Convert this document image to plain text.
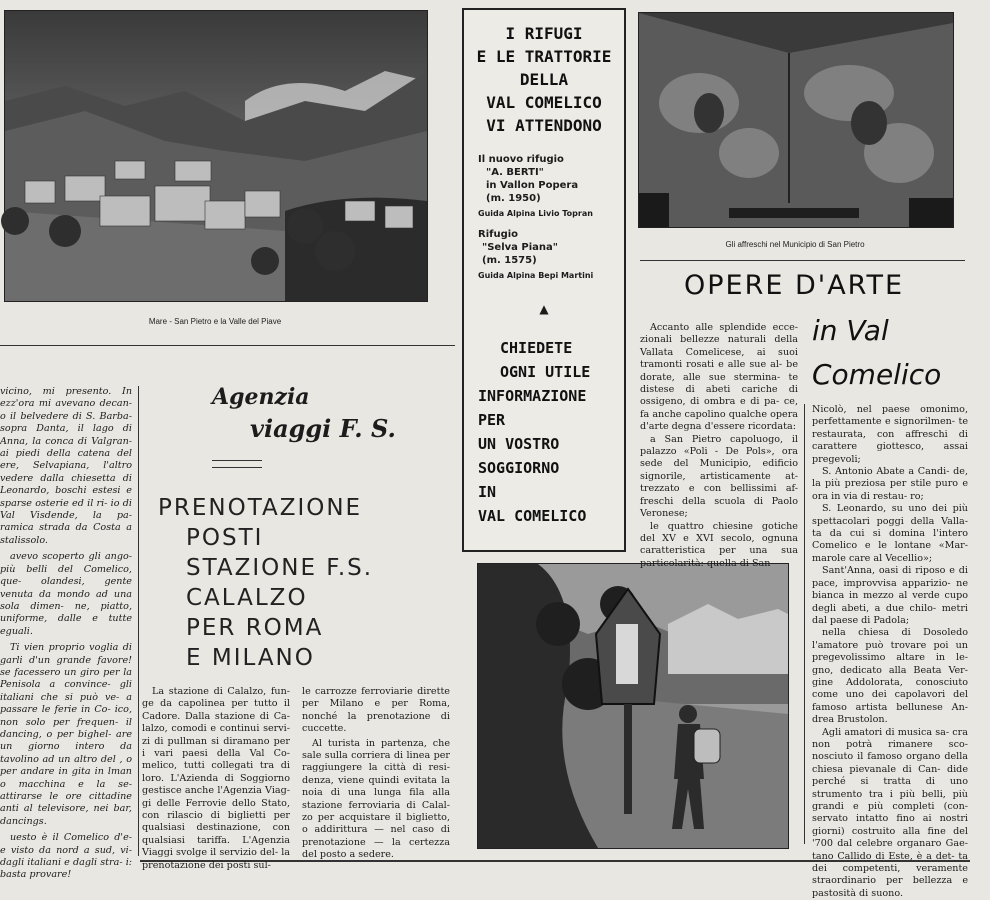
Mare - San Pietro e la Valle del Piave
Gli affreschi nel Municipio di San Pietro
I RIFUGI
E LE TRATTORIE
DELLA
VAL COMELICO
VI ATTENDONO
Il nuovo rifugio
"A. BERTI"
in Vallon Popera
(m. 1950)
Guida Alpina Livio Topran
Rifugio
"Selva Piana"
(m. 1575)
Guida Alpina Bepi Martini
▲
CHIEDETE
OGNI UTILE
INFORMAZIONE
PER
UN VOSTRO
SOGGIORNO
IN
VAL COMELICO

vicino, mi presento. In ezz'ora mi avevano decan- o il belvedere di S. Barba- sopra Danta, il lago di Anna, la conca di Valgran- ai piedi della catena del ere, Selvapiana, l'altro vedere dalla chiesetta di Leonardo, boschi estesi e sparse osterie ed il ri- io di Val Visdende, la pa- ramica strada da Costa a stalissolo.

avevo scoperto gli ango- più belli del Comelico, que- olandesi, gente venuta da mondo ad una sola dimen- ne, piatto, uniforme, dalle e tutte eguali.

Ti vien proprio voglia di garli d'un grande favore! se facessero un giro per la Penisola a convince- gli italiani che si può ve- a passare le ferie in Co- ico, non solo per frequen- il dancing, o per bighel- are un giorno intero da tavolino ad un altro del , o per andare in gita in lman o macchina e la se- attirarse le ore cittadine anti al televisore, nei bar, dancings.

uesto è il Comelico d'e- e visto da nord a sud, vi- dagli italiani e dagli stra- i: basta provare!

Agenzia
viaggi F. S.
PRENOTAZIONE
POSTI
STAZIONE F.S.
CALALZO
PER ROMA
E MILANO

La stazione di Calalzo, fun- ge da capolinea per tutto il Cadore. Dalla stazione di Ca- lalzo, comodi e continui servi- zi di pullman si diramano per i vari paesi della Val Co- melico, tutti collegati tra di loro. L'Azienda di Soggiorno gestisce anche l'Agenzia Viag- gi delle Ferrovie dello Stato, con rilascio di biglietti per qualsiasi destinazione, con qualsiasi tariffa. L'Agenzia Viaggi svolge il servizio del- la prenotazione dei posti sul-

le carrozze ferroviarie dirette per Milano e per Roma, nonché la prenotazione di cuccette.

Al turista in partenza, che sale sulla corriera di linea per raggiungere la città di resi- denza, viene quindi evitata la noia di una lunga fila alla stazione ferroviaria di Calal- zo per acquistare il biglietto, o addirittura — nel caso di prenotazione — la certezza del posto a sedere.

OPERE D'ARTE
in Val
Comelico

Accanto alle splendide ecce- zionali bellezze naturali della Vallata Comelicese, ai suoi tramonti rosati e alle sue al- be dorate, alle sue stermina- te distese di abeti cariche di ossigeno, di ombra e di pa- ce, fa anche capolino qualche opera d'arte degna d'essere ricordata:

a San Pietro capoluogo, il palazzo «Poli - De Pols», ora sede del Municipio, edificio signorile, artisticamente at- trezzato e con bellissimi af- freschi della scuola di Paolo Veronese;

le quattro chiesine gotiche del XV e XVI secolo, ognuna caratteristica per una sua particolarità: quella di San

Nicolò, nel paese omonimo, perfettamente e signorilmen- te restaurata, con affreschi di carattere giottesco, assai pregevoli;

S. Antonio Abate a Candi- de, la più preziosa per stile puro e ora in via di restau- ro;

S. Leonardo, su uno dei più spettacolari poggi della Valla- ta da cui si domina l'intero Comelico e le lontane «Mar- marole care al Vecellio»;

Sant'Anna, oasi di riposo e di pace, improvvisa apparizio- ne bianca in mezzo al verde cupo degli abeti, a due chilo- metri dal paese di Padola;

nella chiesa di Dosoledo l'amatore può trovare poi un pregevolissimo altare in le- gno, dedicato alla Beata Ver- gine Addolorata, conosciuto come uno dei capolavori del famoso artista bellunese An- drea Brustolon.

Agli amatori di musica sa- cra non potrà rimanere sco- nosciuto il famoso organo della chiesa pievanale di Can- dide perché si tratta di uno strumento tra i più belli, più grandi e più completi (con- servato intatto fino ai nostri giorni) costruito alla fine del '700 dal celebre organaro Gae- tano Callido di Este, è a det- ta dei competenti, veramente straordinario per bellezza e pastosità di suono.
